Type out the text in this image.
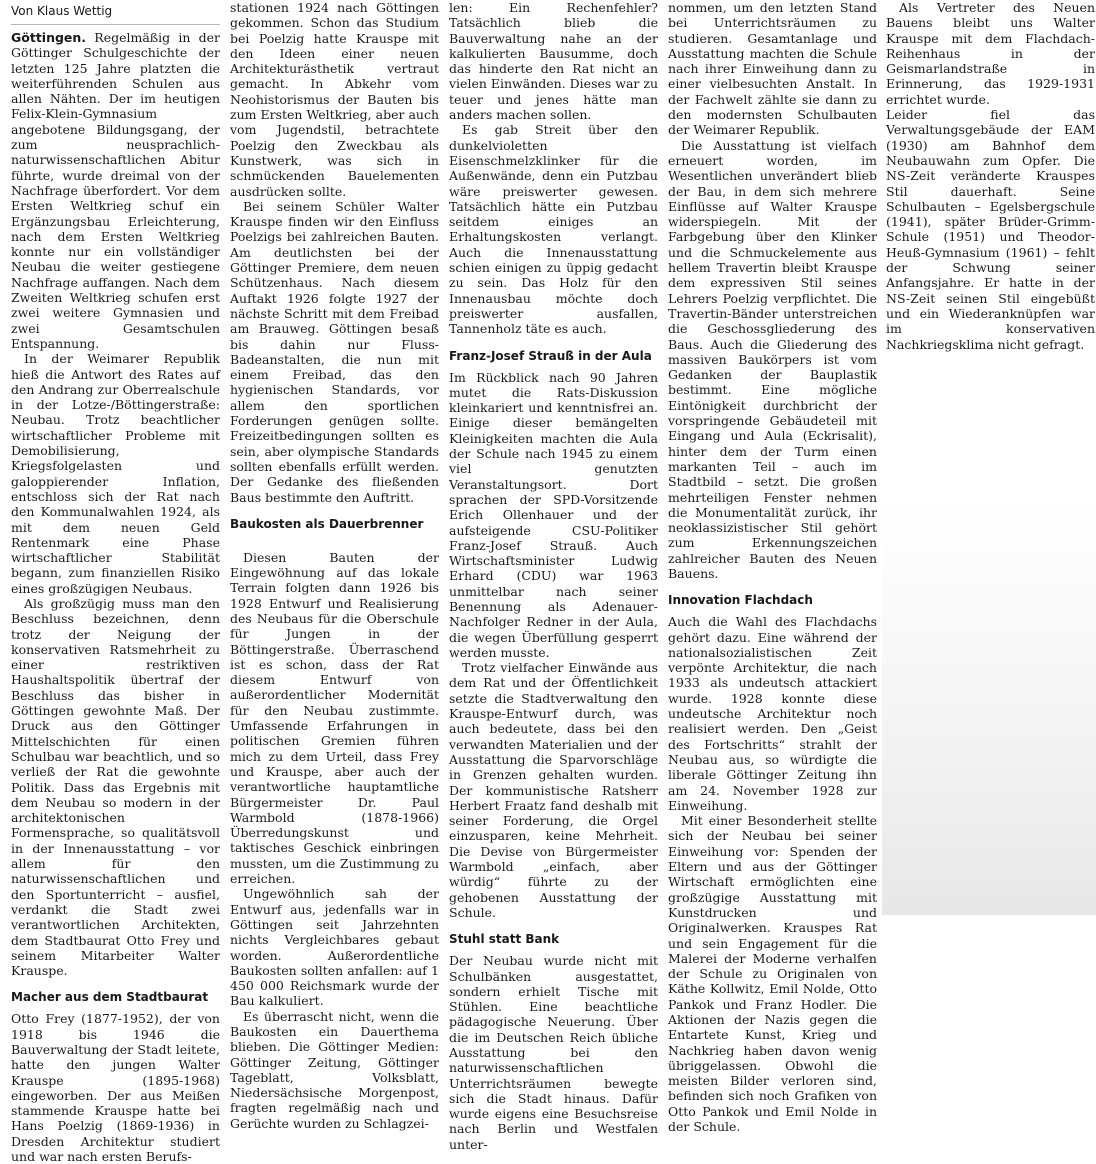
Von Klaus Wettig

Göttingen. Regelmäßig in der Göttinger Schulgeschichte der letzten 125 Jahre platzten die weiterführenden Schulen aus allen Nähten. Der im heutigen Felix-Klein-Gymnasium angebotene Bildungsgang, der zum neusprachlich-naturwissenschaftlichen Abitur führte, wurde dreimal von der Nachfrage überfordert. Vor dem Ersten Weltkrieg schuf ein Ergänzungsbau Erleichterung, nach dem Ersten Weltkrieg konnte nur ein vollständiger Neubau die weiter gestiegene Nachfrage auffangen. Nach dem Zweiten Weltkrieg schufen erst zwei weitere Gymnasien und zwei Gesamtschulen Entspannung.

In der Weimarer Republik hieß die Antwort des Rates auf den Andrang zur Oberrealschule in der Lotze-/Böttingerstraße: Neubau. Trotz beachtlicher wirtschaftlicher Probleme mit Demobilisierung, Kriegsfolgelasten und galoppierender Inflation, entschloss sich der Rat nach den Kommunalwahlen 1924, als mit dem neuen Geld Rentenmark eine Phase wirtschaftlicher Stabilität begann, zum finanziellen Risiko eines großzügigen Neubaus.

Als großzügig muss man den Beschluss bezeichnen, denn trotz der Neigung der konservativen Ratsmehrheit zu einer restriktiven Haushaltspolitik übertraf der Beschluss das bisher in Göttingen gewohnte Maß. Der Druck aus den Göttinger Mittelschichten für einen Schulbau war beachtlich, und so verließ der Rat die gewohnte Politik. Dass das Ergebnis mit dem Neubau so modern in der architektonischen Formensprache, so qualitätsvoll in der Innenausstattung – vor allem für den naturwissenschaftlichen und den Sportunterricht – ausfiel, verdankt die Stadt zwei verantwortlichen Architekten, dem Stadtbaurat Otto Frey und seinem Mitarbeiter Walter Krauspe.

Macher aus dem Stadtbaurat

Otto Frey (1877-1952), der von 1918 bis 1946 die Bauverwaltung der Stadt leitete, hatte den jungen Walter Krauspe (1895-1968) eingeworben. Der aus Meißen stammende Krauspe hatte bei Hans Poelzig (1869-1936) in Dresden Architektur studiert und war nach ersten Berufs-

stationen 1924 nach Göttingen gekommen. Schon das Studium bei Poelzig hatte Krauspe mit den Ideen einer neuen Architekturästhetik vertraut gemacht. In Abkehr vom Neohistorismus der Bauten bis zum Ersten Weltkrieg, aber auch vom Jugendstil, betrachtete Poelzig den Zweckbau als Kunstwerk, was sich in schmückenden Bauelementen ausdrücken sollte.

Bei seinem Schüler Walter Krauspe finden wir den Einfluss Poelzigs bei zahlreichen Bauten. Am deutlichsten bei der Göttinger Premiere, dem neuen Schützenhaus. Nach diesem Auftakt 1926 folgte 1927 der nächste Schritt mit dem Freibad am Brauweg. Göttingen besaß bis dahin nur Fluss-Badeanstalten, die nun mit einem Freibad, das den hygienischen Standards, vor allem den sportlichen Forderungen genügen sollte. Freizeitbedingungen sollten es sein, aber olympische Standards sollten ebenfalls erfüllt werden. Der Gedanke des fließenden Baus bestimmte den Auftritt.

Baukosten als Dauerbrenner

Diesen Bauten der Eingewöhnung auf das lokale Terrain folgten dann 1926 bis 1928 Entwurf und Realisierung des Neubaus für die Oberschule für Jungen in der Böttingerstraße. Überraschend ist es schon, dass der Rat diesem Entwurf von außerordentlicher Modernität für den Neubau zustimmte. Umfassende Erfahrungen in politischen Gremien führen mich zu dem Urteil, dass Frey und Krauspe, aber auch der verantwortliche hauptamtliche Bürgermeister Dr. Paul Warmbold (1878-1966) Überredungskunst und taktisches Geschick einbringen mussten, um die Zustimmung zu erreichen.

Ungewöhnlich sah der Entwurf aus, jedenfalls war in Göttingen seit Jahrzehnten nichts Vergleichbares gebaut worden. Außerordentliche Baukosten sollten anfallen: auf 1 450 000 Reichsmark wurde der Bau kalkuliert.

Es überrascht nicht, wenn die Baukosten ein Dauerthema blieben. Die Göttinger Medien: Göttinger Zeitung, Göttinger Tageblatt, Volksblatt, Niedersächsische Morgenpost, fragten regelmäßig nach und Gerüchte wurden zu Schlagzei-

len: Ein Rechenfehler? Tatsächlich blieb die Bauverwaltung nahe an der kalkulierten Bausumme, doch das hinderte den Rat nicht an vielen Einwänden. Dieses war zu teuer und jenes hätte man anders machen sollen.

Es gab Streit über den dunkelvioletten Eisenschmelzklinker für die Außenwände, denn ein Putzbau wäre preiswerter gewesen. Tatsächlich hätte ein Putzbau seitdem einiges an Erhaltungskosten verlangt. Auch die Innenausstattung schien einigen zu üppig gedacht zu sein. Das Holz für den Innenausbau möchte doch preiswerter ausfallen, Tannenholz täte es auch.

Franz-Josef Strauß in der Aula

Im Rückblick nach 90 Jahren mutet die Rats-Diskussion kleinkariert und kenntnisfrei an. Einige dieser bemängelten Kleinigkeiten machten die Aula der Schule nach 1945 zu einem viel genutzten Veranstaltungsort. Dort sprachen der SPD-Vorsitzende Erich Ollenhauer und der aufsteigende CSU-Politiker Franz-Josef Strauß. Auch Wirtschaftsminister Ludwig Erhard (CDU) war 1963 unmittelbar nach seiner Benennung als Adenauer-Nachfolger Redner in der Aula, die wegen Überfüllung gesperrt werden musste.

Trotz vielfacher Einwände aus dem Rat und der Öffentlichkeit setzte die Stadtverwaltung den Krauspe-Entwurf durch, was auch bedeutete, dass bei den verwandten Materialien und der Ausstattung die Sparvorschläge in Grenzen gehalten wurden. Der kommunistische Ratsherr Herbert Fraatz fand deshalb mit seiner Forderung, die Orgel einzusparen, keine Mehrheit. Die Devise von Bürgermeister Warmbold „einfach, aber würdig“ führte zu der gehobenen Ausstattung der Schule.

Stuhl statt Bank

Der Neubau wurde nicht mit Schulbänken ausgestattet, sondern erhielt Tische mit Stühlen. Eine beachtliche pädagogische Neuerung. Über die im Deutschen Reich übliche Ausstattung bei den naturwissenschaftlichen Unterrichtsräumen bewegte sich die Stadt hinaus. Dafür wurde eigens eine Besuchsreise nach Berlin und Westfalen unter-

nommen, um den letzten Stand bei Unterrichtsräumen zu studieren. Gesamtanlage und Ausstattung machten die Schule nach ihrer Einweihung dann zu einer vielbesuchten Anstalt. In der Fachwelt zählte sie dann zu den modernsten Schulbauten der Weimarer Republik.

Die Ausstattung ist vielfach erneuert worden, im Wesentlichen unverändert blieb der Bau, in dem sich mehrere Einflüsse auf Walter Krauspe widerspiegeln. Mit der Farbgebung über den Klinker und die Schmuckelemente aus hellem Travertin bleibt Krauspe dem expressiven Stil seines Lehrers Poelzig verpflichtet. Die Travertin-Bänder unterstreichen die Geschossgliederung des Baus. Auch die Gliederung des massiven Baukörpers ist vom Gedanken der Bauplastik bestimmt. Eine mögliche Eintönigkeit durchbricht der vorspringende Gebäudeteil mit Eingang und Aula (Eckrisalit), hinter dem der Turm einen markanten Teil – auch im Stadtbild – setzt. Die großen mehrteiligen Fenster nehmen die Monumentalität zurück, ihr neoklassizistischer Stil gehört zum Erkennungszeichen zahlreicher Bauten des Neuen Bauens.

Innovation Flachdach

Auch die Wahl des Flachdachs gehört dazu. Eine während der nationalsozialistischen Zeit verpönte Architektur, die nach 1933 als undeutsch attackiert wurde. 1928 konnte diese undeutsche Architektur noch realisiert werden. Den „Geist des Fortschritts“ strahlt der Neubau aus, so würdigte die liberale Göttinger Zeitung ihn am 24. November 1928 zur Einweihung.

Mit einer Besonderheit stellte sich der Neubau bei seiner Einweihung vor: Spenden der Eltern und aus der Göttinger Wirtschaft ermöglichten eine großzügige Ausstattung mit Kunstdrucken und Originalwerken. Krauspes Rat und sein Engagement für die Malerei der Moderne verhalfen der Schule zu Originalen von Käthe Kollwitz, Emil Nolde, Otto Pankok und Franz Hodler. Die Aktionen der Nazis gegen die Entartete Kunst, Krieg und Nachkrieg haben davon wenig übriggelassen. Obwohl die meisten Bilder verloren sind, befinden sich noch Grafiken von Otto Pankok und Emil Nolde in der Schule.

Als Vertreter des Neuen Bauens bleibt uns Walter Krauspe mit dem Flachdach-Reihenhaus in der Geismarlandstraße in Erinnerung, das 1929-1931 errichtet wurde.

Leider fiel das Verwaltungsgebäude der EAM (1930) am Bahnhof dem Neubauwahn zum Opfer. Die NS-Zeit veränderte Krauspes Stil dauerhaft. Seine Schulbauten – Egelsbergschule (1941), später Brüder-Grimm-Schule (1951) und Theodor-Heuß-Gymnasium (1961) – fehlt der Schwung seiner Anfangsjahre. Er hatte in der NS-Zeit seinen Stil eingebüßt und ein Wiederanknüpfen war im konservativen Nachkriegsklima nicht gefragt.
